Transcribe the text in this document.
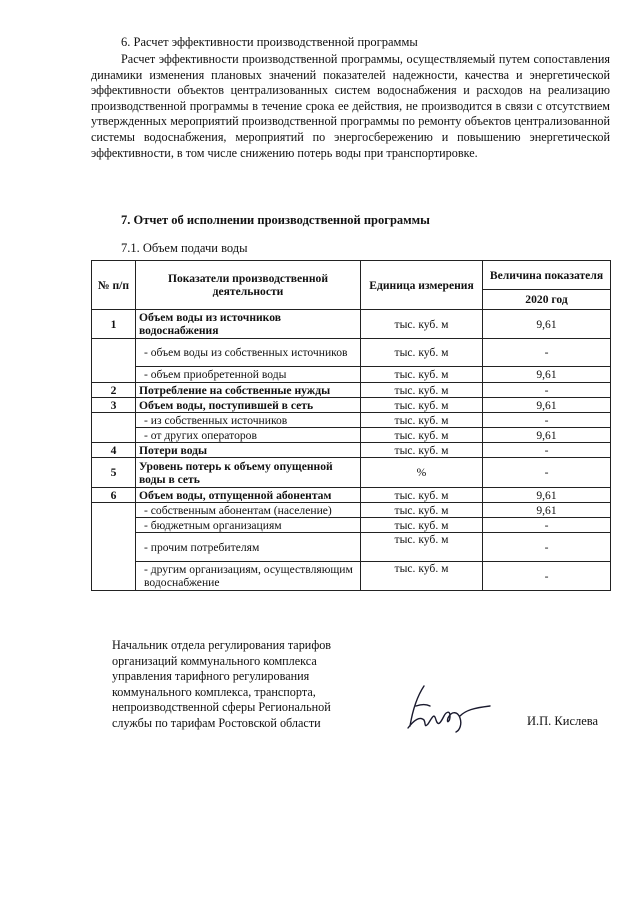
6. Расчет эффективности производственной программы

Расчет эффективности производственной программы, осуществляемый путем сопоставления динамики изменения плановых значений показателей надежности, качества и энергетической эффективности объектов централизованных систем водоснабжения и расходов на реализацию производственной программы в течение срока ее действия, не производится в связи с отсутствием утвержденных мероприятий производственной программы по ремонту объектов централизованной системы водоснабжения, мероприятий по энергосбережению и повышению энергетической эффективности, в том числе снижению потерь воды при транспортировке.

7. Отчет об исполнении производственной программы
7.1. Объем подачи воды
№ п/п	Показатели производственной деятельности	Единица измерения	Величина показателя
			2020 год
1	Объем воды из источников водоснабжения	тыс. куб. м	9,61
	- объем воды из собственных источников	тыс. куб. м	-
	- объем приобретенной воды	тыс. куб. м	9,61
2	Потребление на собственные нужды	тыс. куб. м	-
3	Объем воды, поступившей в сеть	тыс. куб. м	9,61
	- из собственных источников	тыс. куб. м	-
	- от других операторов	тыс. куб. м	9,61
4	Потери воды	тыс. куб. м	-
5	Уровень потерь к объему опущенной воды в сеть	%	-
6	Объем воды, отпущенной абонентам	тыс. куб. м	9,61
	- собственным абонентам (население)	тыс. куб. м	9,61
	- бюджетным организациям	тыс. куб. м	-
	- прочим потребителям	тыс. куб. м	-
	- другим организациям, осуществляющим водоснабжение	тыс. куб. м	-
Начальник отдела регулирования тарифов
организаций коммунального комплекса
управления тарифного регулирования
коммунального комплекса, транспорта,
непроизводственной сферы Региональной
службы по тарифам Ростовской области	И.П. Кислева
